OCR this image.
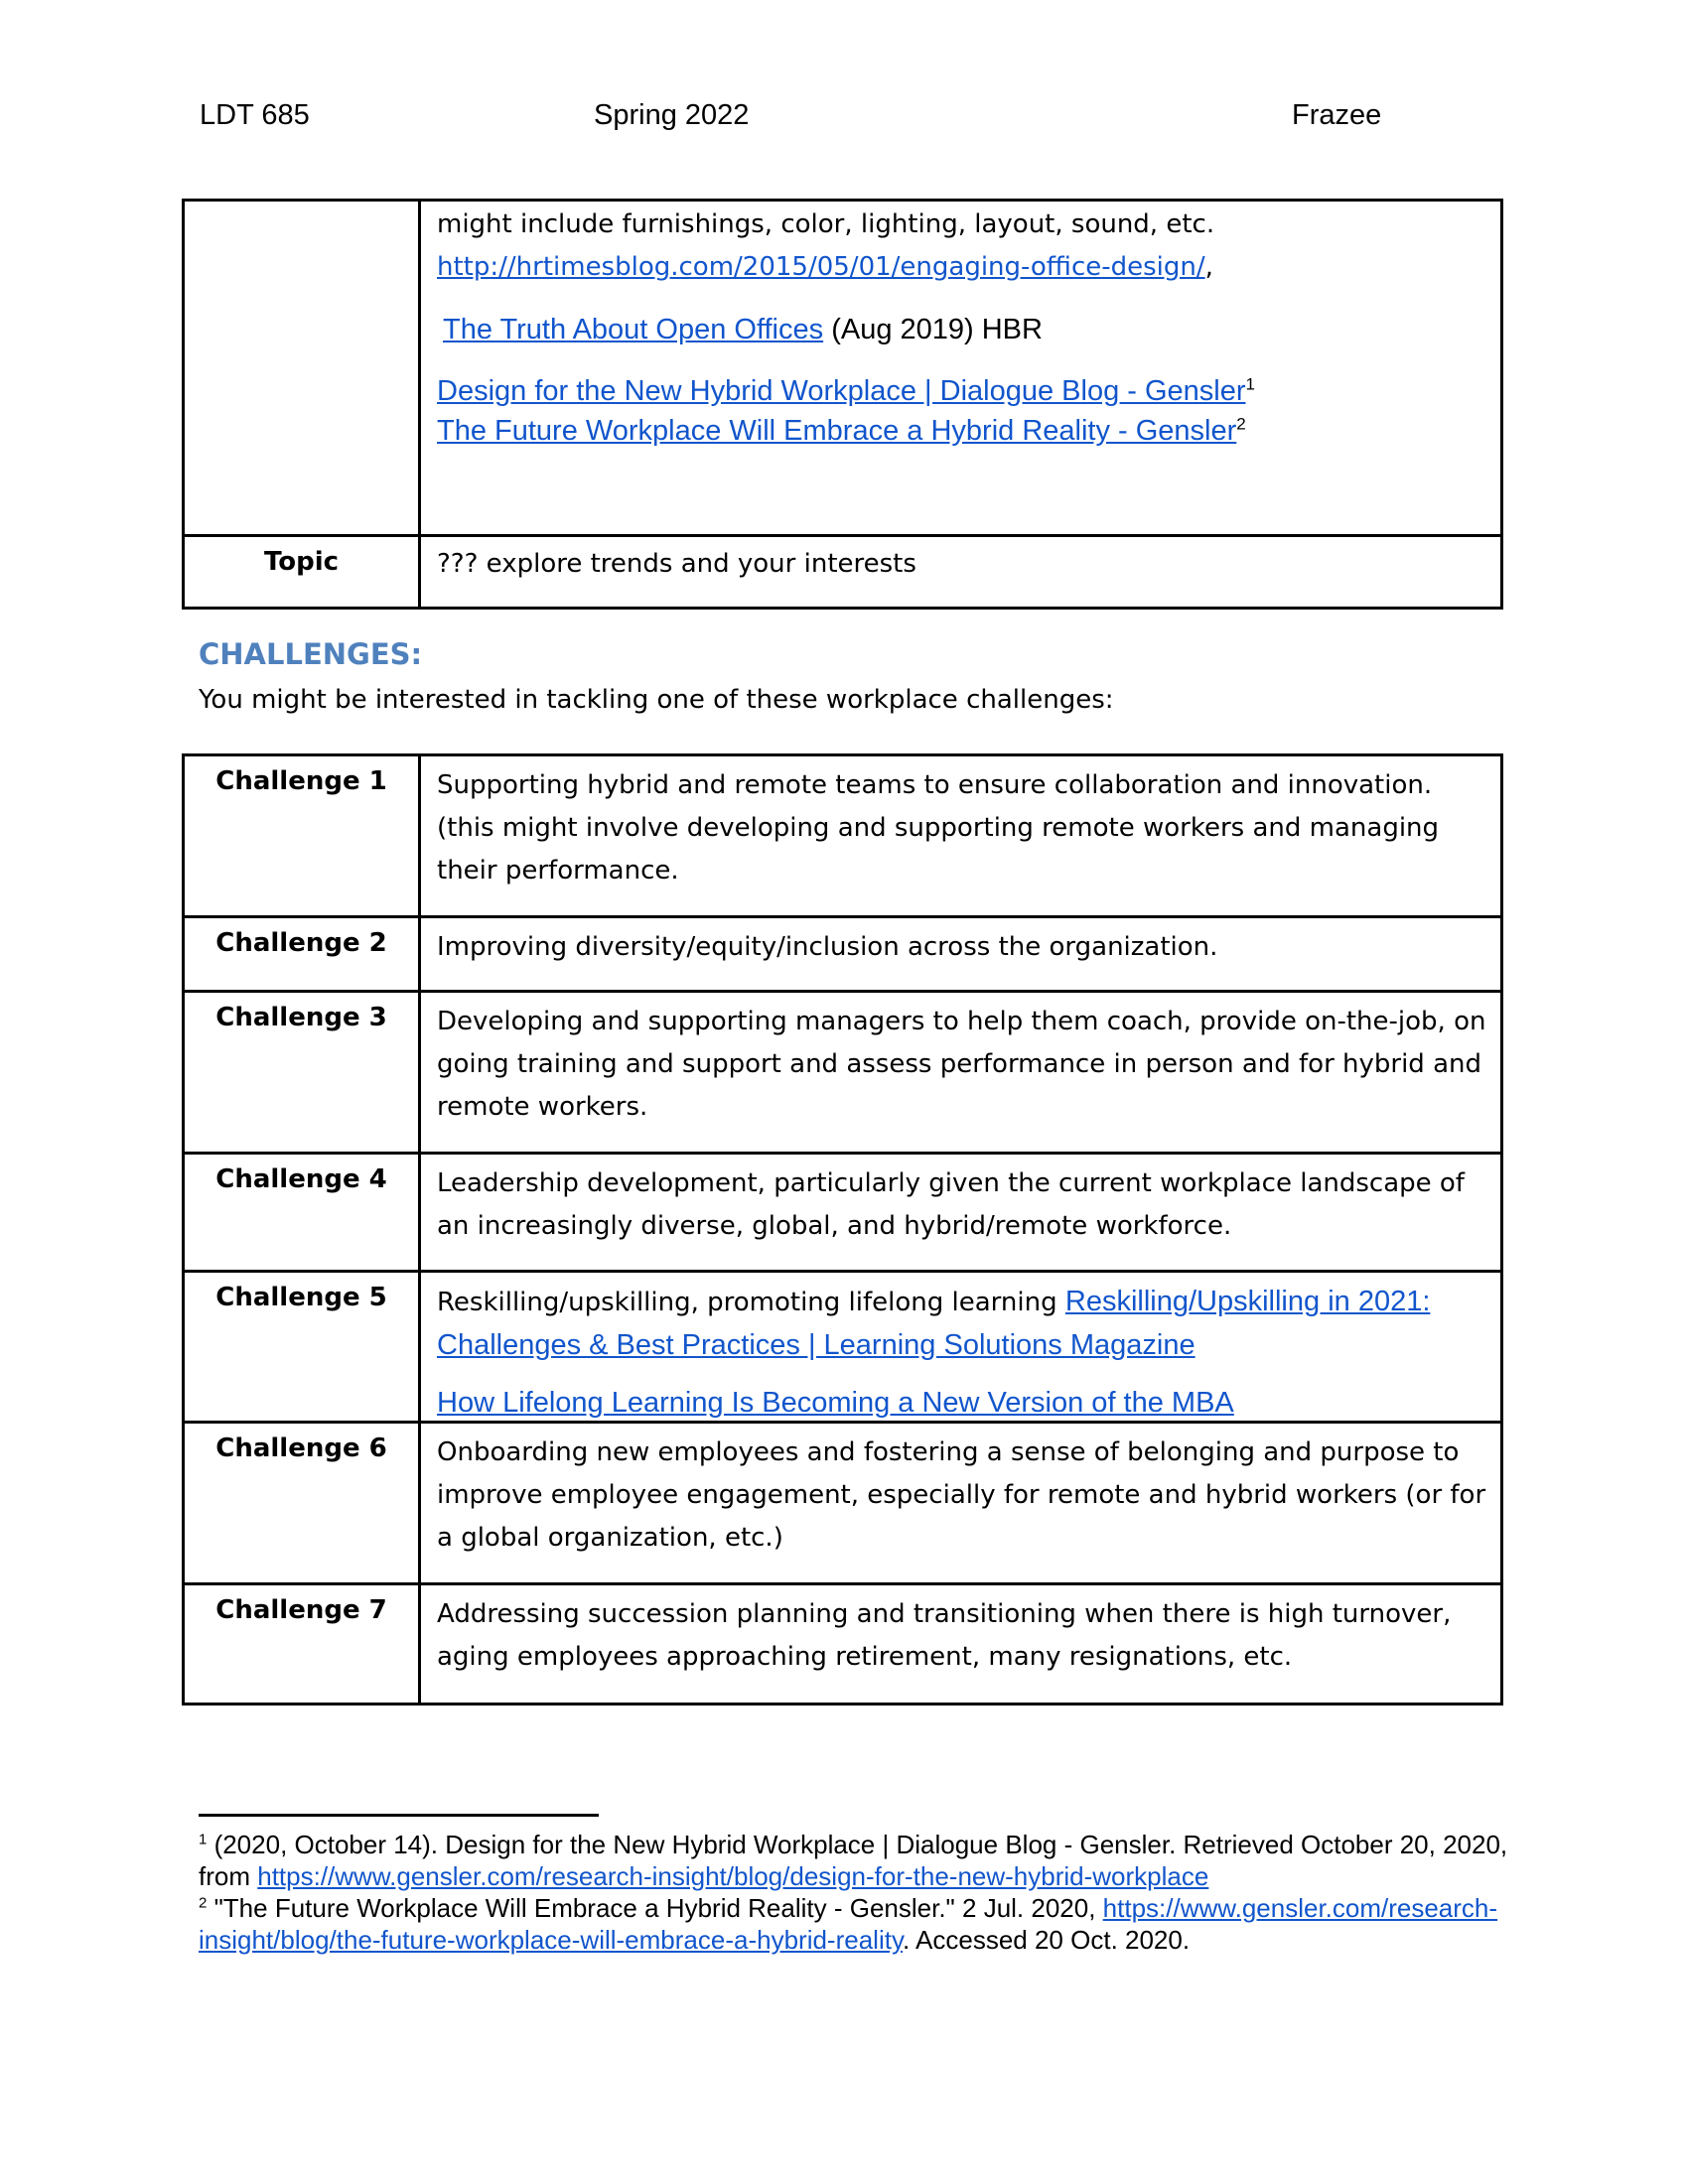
LDT 685	Spring 2022	Frazee

	might include furnishings, color, lighting, layout, sound, etc.
http://hrtimesblog.com/2015/05/01/engaging-office-design/,
The Truth About Open Offices (Aug 2019) HBR
Design for the New Hybrid Workplace | Dialogue Blog - Gensler$^1$
The Future Workplace Will Embrace a Hybrid Reality - Gensler$^2$

Topic	??? explore trends and your interests
CHALLENGES:
You might be interested in tackling one of these workplace challenges:
Challenge 1	Supporting hybrid and remote teams to ensure collaboration and innovation. (this might involve developing and supporting remote workers and managing their performance.
Challenge 2	Improving diversity/equity/inclusion across the organization.
Challenge 3	Developing and supporting managers to help them coach, provide on-the-job, on going training and support and assess performance in person and for hybrid and remote workers.
Challenge 4	Leadership development, particularly given the current workplace landscape of an increasingly diverse, global, and hybrid/remote workforce.
Challenge 5	Reskilling/upskilling, promoting lifelong learning Reskilling/Upskilling in 2021: Challenges & Best Practices | Learning Solutions Magazine
How Lifelong Learning Is Becoming a New Version of the MBA

Challenge 6	Onboarding new employees and fostering a sense of belonging and purpose to improve employee engagement, especially for remote and hybrid workers (or for a global organization, etc.)
Challenge 7	Addressing succession planning and transitioning when there is high turnover, aging employees approaching retirement, many resignations, etc.
$^1$ (2020, October 14). Design for the New Hybrid Workplace | Dialogue Blog - Gensler. Retrieved October 20, 2020, from https://www.gensler.com/research-insight/blog/design-for-the-new-hybrid-workplace
$^2$ "The Future Workplace Will Embrace a Hybrid Reality - Gensler." 2 Jul. 2020, https://www.gensler.com/research-insight/blog/the-future-workplace-will-embrace-a-hybrid-reality. Accessed 20 Oct. 2020.
